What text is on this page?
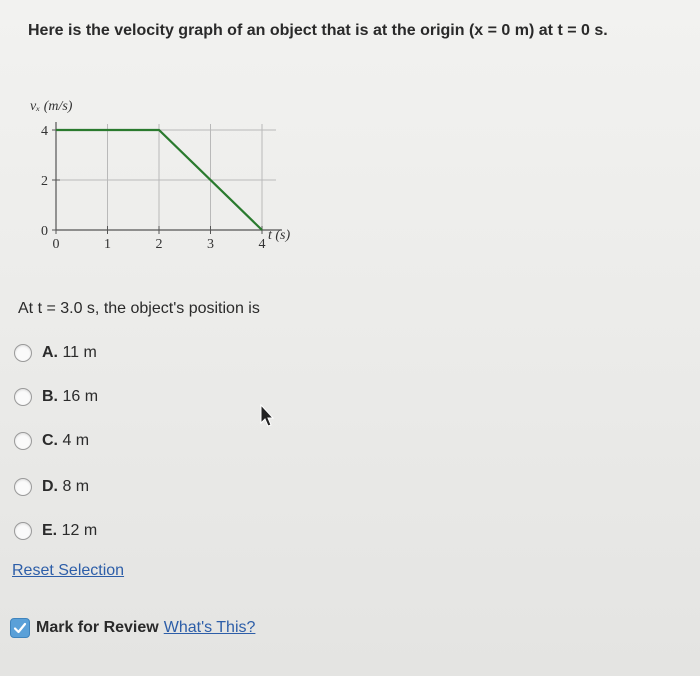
Here is the velocity graph of an object that is at the origin (x = 0 m) at t = 0 s.
0	1	2	3	4
0
2
4
vₓ (m/s)
t (s)
At t = 3.0 s, the object's position is
A. 11 m
B. 16 m
C. 4 m
D. 8 m
E. 12 m
Reset Selection
Mark for Review What's This?
